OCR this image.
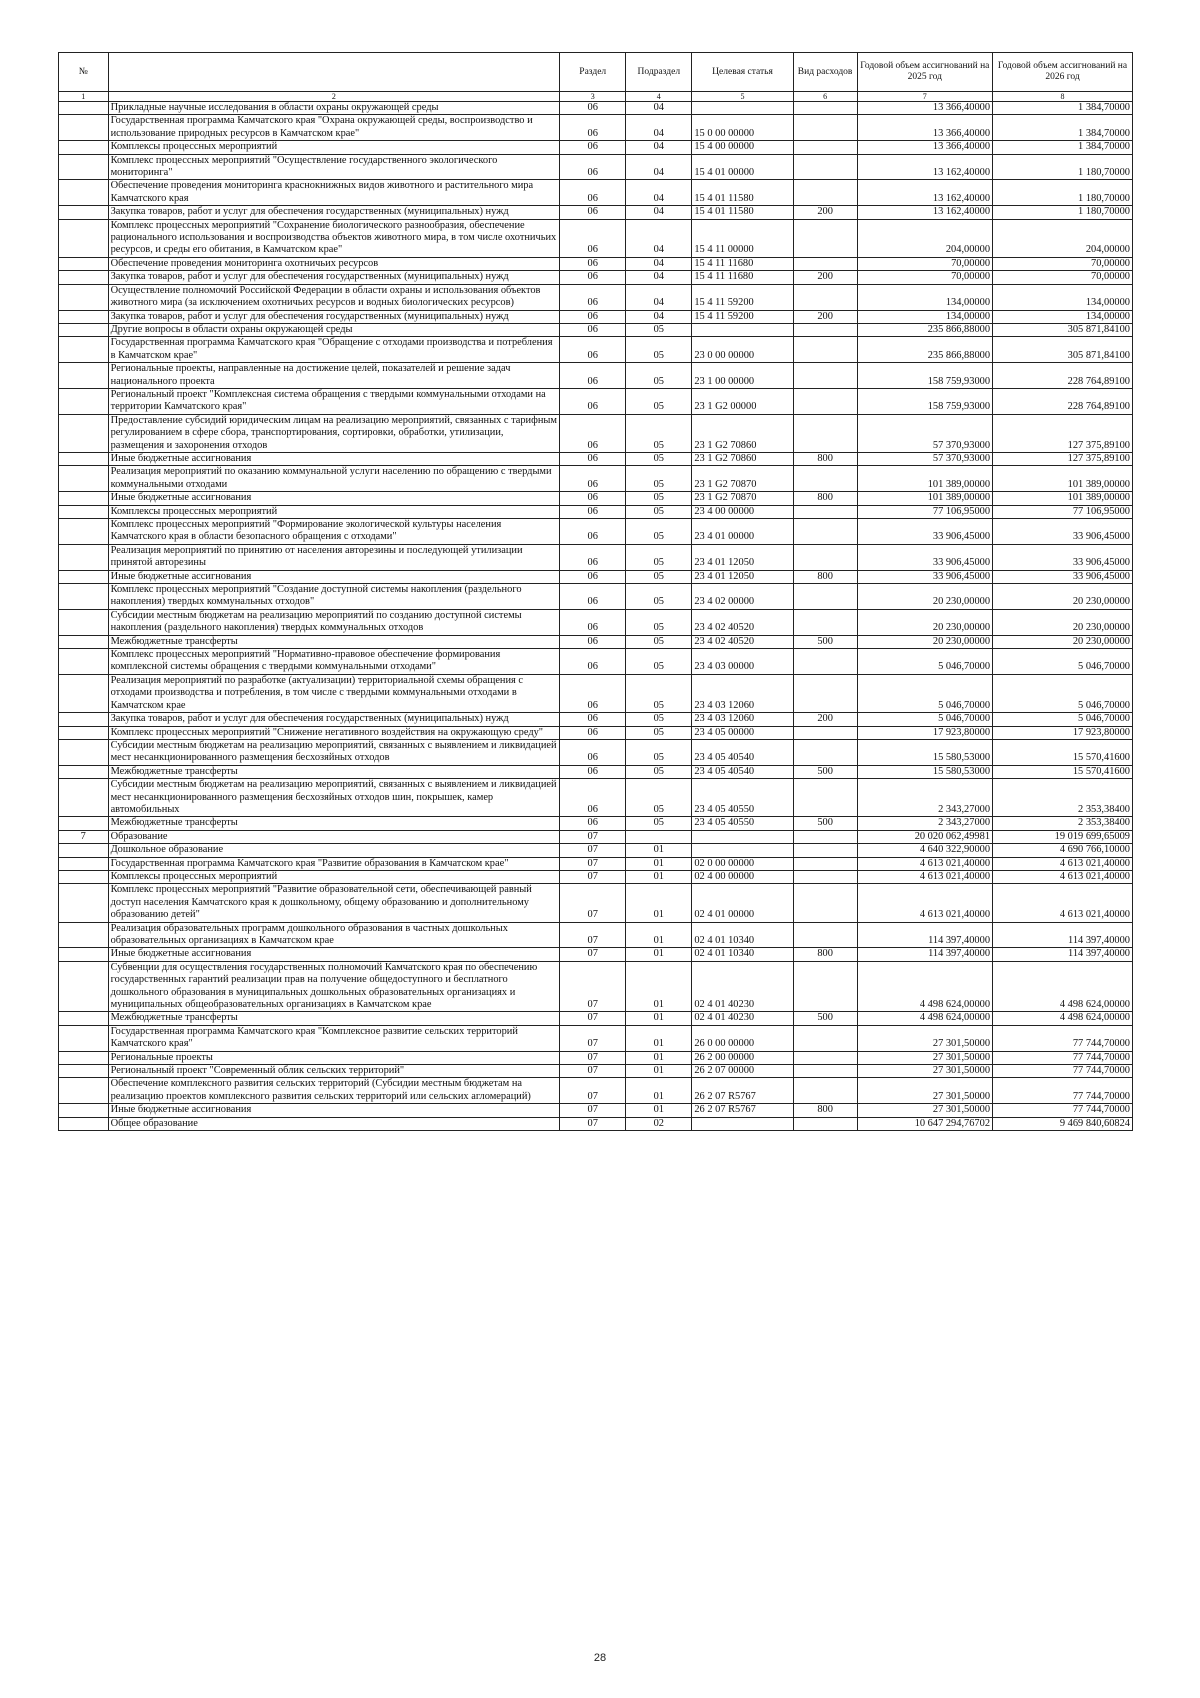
№		Раздел	Подраздел	Целевая статья	Вид расходов	Годовой объем ассигнований на 2025 год	Годовой объем ассигнований на 2026 год
1	2	3	4	5	6	7	8
	Прикладные научные исследования в области охраны окружающей среды	06	04			13 366,40000	1 384,70000
	Государственная программа Камчатского края "Охрана окружающей среды, воспроизводство и использование природных ресурсов в Камчатском крае"	06	04	15 0 00 00000		13 366,40000	1 384,70000
	Комплексы процессных мероприятий	06	04	15 4 00 00000		13 366,40000	1 384,70000
	Комплекс процессных мероприятий "Осуществление государственного экологического мониторинга"	06	04	15 4 01 00000		13 162,40000	1 180,70000
	Обеспечение проведения мониторинга краснокнижных видов животного и растительного мира Камчатского края	06	04	15 4 01 11580		13 162,40000	1 180,70000
	Закупка товаров, работ и услуг для обеспечения государственных (муниципальных) нужд	06	04	15 4 01 11580	200	13 162,40000	1 180,70000
	Комплекс процессных мероприятий "Сохранение биологического разнообразия, обеспечение рационального использования и воспроизводства объектов животного мира, в том числе охотничьих ресурсов, и среды его обитания, в Камчатском крае"	06	04	15 4 11 00000		204,00000	204,00000
	Обеспечение проведения мониторинга охотничьих ресурсов	06	04	15 4 11 11680		70,00000	70,00000
	Закупка товаров, работ и услуг для обеспечения государственных (муниципальных) нужд	06	04	15 4 11 11680	200	70,00000	70,00000
	Осуществление полномочий Российской Федерации в области охраны и использования объектов животного мира (за исключением охотничьих ресурсов и водных биологических ресурсов)	06	04	15 4 11 59200		134,00000	134,00000
	Закупка товаров, работ и услуг для обеспечения государственных (муниципальных) нужд	06	04	15 4 11 59200	200	134,00000	134,00000
	Другие вопросы в области охраны окружающей среды	06	05			235 866,88000	305 871,84100
	Государственная программа Камчатского края "Обращение с отходами производства и потребления в Камчатском крае"	06	05	23 0 00 00000		235 866,88000	305 871,84100
	Региональные проекты, направленные на достижение целей, показателей и решение задач национального проекта	06	05	23 1 00 00000		158 759,93000	228 764,89100
	Региональный проект "Комплексная система обращения с твердыми коммунальными отходами на территории Камчатского края"	06	05	23 1 G2 00000		158 759,93000	228 764,89100
	Предоставление субсидий юридическим лицам на реализацию мероприятий, связанных с тарифным регулированием в сфере сбора, транспортирования, сортировки, обработки, утилизации, размещения и захоронения отходов	06	05	23 1 G2 70860		57 370,93000	127 375,89100
	Иные бюджетные ассигнования	06	05	23 1 G2 70860	800	57 370,93000	127 375,89100
	Реализация мероприятий по оказанию коммунальной услуги населению по обращению с твердыми коммунальными отходами	06	05	23 1 G2 70870		101 389,00000	101 389,00000
	Иные бюджетные ассигнования	06	05	23 1 G2 70870	800	101 389,00000	101 389,00000
	Комплексы процессных мероприятий	06	05	23 4 00 00000		77 106,95000	77 106,95000
	Комплекс процессных мероприятий "Формирование экологической культуры населения Камчатского края в области безопасного обращения с отходами"	06	05	23 4 01 00000		33 906,45000	33 906,45000
	Реализация мероприятий по принятию от населения авторезины и последующей утилизации принятой авторезины	06	05	23 4 01 12050		33 906,45000	33 906,45000
	Иные бюджетные ассигнования	06	05	23 4 01 12050	800	33 906,45000	33 906,45000
	Комплекс процессных мероприятий "Создание доступной системы накопления (раздельного накопления) твердых коммунальных отходов"	06	05	23 4 02 00000		20 230,00000	20 230,00000
	Субсидии местным бюджетам на реализацию мероприятий по созданию доступной системы накопления (раздельного накопления) твердых коммунальных отходов	06	05	23 4 02 40520		20 230,00000	20 230,00000
	Межбюджетные трансферты	06	05	23 4 02 40520	500	20 230,00000	20 230,00000
	Комплекс процессных мероприятий "Нормативно-правовое обеспечение формирования комплексной системы обращения с твердыми коммунальными отходами"	06	05	23 4 03 00000		5 046,70000	5 046,70000
	Реализация мероприятий по разработке (актуализации) территориальной схемы обращения с отходами производства и потребления, в том числе с твердыми коммунальными отходами в Камчатском крае	06	05	23 4 03 12060		5 046,70000	5 046,70000
	Закупка товаров, работ и услуг для обеспечения государственных (муниципальных) нужд	06	05	23 4 03 12060	200	5 046,70000	5 046,70000
	Комплекс процессных мероприятий "Снижение негативного воздействия на окружающую среду"	06	05	23 4 05 00000		17 923,80000	17 923,80000
	Субсидии местным бюджетам на реализацию мероприятий, связанных с выявлением и ликвидацией мест несанкционированного размещения бесхозяйных отходов	06	05	23 4 05 40540		15 580,53000	15 570,41600
	Межбюджетные трансферты	06	05	23 4 05 40540	500	15 580,53000	15 570,41600
	Субсидии местным бюджетам на реализацию мероприятий, связанных с выявлением и ликвидацией мест несанкционированного размещения бесхозяйных отходов шин, покрышек, камер автомобильных	06	05	23 4 05 40550		2 343,27000	2 353,38400
	Межбюджетные трансферты	06	05	23 4 05 40550	500	2 343,27000	2 353,38400
7	Образование	07				20 020 062,49981	19 019 699,65009
	Дошкольное образование	07	01			4 640 322,90000	4 690 766,10000
	Государственная программа Камчатского края "Развитие образования в Камчатском крае"	07	01	02 0 00 00000		4 613 021,40000	4 613 021,40000
	Комплексы процессных мероприятий	07	01	02 4 00 00000		4 613 021,40000	4 613 021,40000
	Комплекс процессных мероприятий "Развитие образовательной сети, обеспечивающей равный доступ населения Камчатского края к дошкольному, общему образованию и дополнительному образованию детей"	07	01	02 4 01 00000		4 613 021,40000	4 613 021,40000
	Реализация образовательных программ дошкольного образования в частных дошкольных образовательных организациях в Камчатском крае	07	01	02 4 01 10340		114 397,40000	114 397,40000
	Иные бюджетные ассигнования	07	01	02 4 01 10340	800	114 397,40000	114 397,40000
	Субвенции для осуществления государственных полномочий Камчатского края по обеспечению государственных гарантий реализации прав на получение общедоступного и бесплатного дошкольного образования в муниципальных дошкольных образовательных организациях и муниципальных общеобразовательных организациях в Камчатском крае	07	01	02 4 01 40230		4 498 624,00000	4 498 624,00000
	Межбюджетные трансферты	07	01	02 4 01 40230	500	4 498 624,00000	4 498 624,00000
	Государственная программа Камчатского края "Комплексное развитие сельских территорий Камчатского края"	07	01	26 0 00 00000		27 301,50000	77 744,70000
	Региональные проекты	07	01	26 2 00 00000		27 301,50000	77 744,70000
	Региональный проект "Современный облик сельских территорий"	07	01	26 2 07 00000		27 301,50000	77 744,70000
	Обеспечение комплексного развития сельских территорий (Субсидии местным бюджетам на реализацию проектов комплексного развития сельских территорий или сельских агломераций)	07	01	26 2 07 R5767		27 301,50000	77 744,70000
	Иные бюджетные ассигнования	07	01	26 2 07 R5767	800	27 301,50000	77 744,70000
	Общее образование	07	02			10 647 294,76702	9 469 840,60824
28
